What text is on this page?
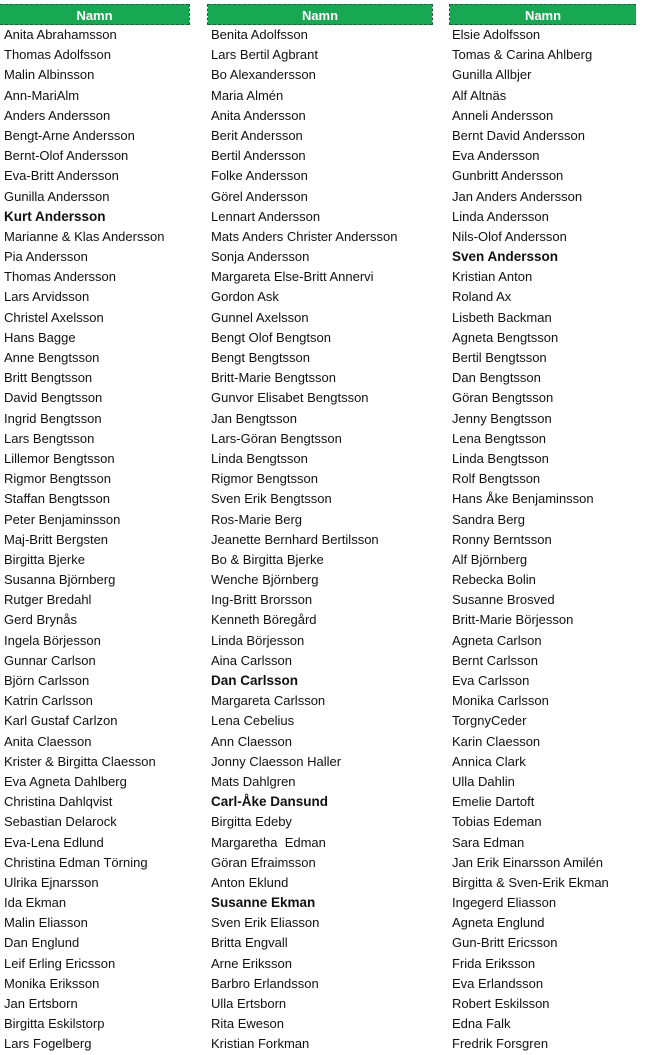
Namn	Namn	Namn
Anita Abrahamsson
Thomas Adolfsson
Malin Albinsson
Ann-MariAlm
Anders Andersson
Bengt-Arne Andersson
Bernt-Olof Andersson
Eva-Britt Andersson
Gunilla Andersson
Kurt Andersson
Marianne & Klas Andersson
Pia Andersson
Thomas Andersson
Lars Arvidsson
Christel Axelsson
Hans Bagge
Anne Bengtsson
Britt Bengtsson
David Bengtsson
Ingrid Bengtsson
Lars Bengtsson
Lillemor Bengtsson
Rigmor Bengtsson
Staffan Bengtsson
Peter Benjaminsson
Maj-Britt Bergsten
Birgitta Bjerke
Susanna Björnberg
Rutger Bredahl
Gerd Brynås
Ingela Börjesson
Gunnar Carlson
Björn Carlsson
Katrin Carlsson
Karl Gustaf Carlzon
Anita Claesson
Krister & Birgitta Claesson
Eva Agneta Dahlberg
Christina Dahlqvist
Sebastian Delarock
Eva-Lena Edlund
Christina Edman Törning
Ulrika Ejnarsson
Ida Ekman
Malin Eliasson
Dan Englund
Leif Erling Ericsson
Monika Eriksson
Jan Ertsborn
Birgitta Eskilstorp
Lars Fogelberg
Benita Adolfsson
Lars Bertil Agbrant
Bo Alexandersson
Maria Almén
Anita Andersson
Berit Andersson
Bertil Andersson
Folke Andersson
Görel Andersson
Lennart Andersson
Mats Anders Christer Andersson
Sonja Andersson
Margareta Else-Britt Annervi
Gordon Ask
Gunnel Axelsson
Bengt Olof Bengtson
Bengt Bengtsson
Britt-Marie Bengtsson
Gunvor Elisabet Bengtsson
Jan Bengtsson
Lars-Göran Bengtsson
Linda Bengtsson
Rigmor Bengtsson
Sven Erik Bengtsson
Ros-Marie Berg
Jeanette Bernhard Bertilsson
Bo & Birgitta Bjerke
Wenche Björnberg
Ing-Britt Brorsson
Kenneth Böregård
Linda Börjesson
Aina Carlsson
Dan Carlsson
Margareta Carlsson
Lena Cebelius
Ann Claesson
Jonny Claesson Haller
Mats Dahlgren
Carl-Åke Dansund
Birgitta Edeby
Margaretha  Edman
Göran Efraimsson
Anton Eklund
Susanne Ekman
Sven Erik Eliasson
Britta Engvall
Arne Eriksson
Barbro Erlandsson
Ulla Ertsborn
Rita Eweson
Kristian Forkman
Elsie Adolfsson
Tomas & Carina Ahlberg
Gunilla Allbjer
Alf Altnäs
Anneli Andersson
Bernt David Andersson
Eva Andersson
Gunbritt Andersson
Jan Anders Andersson
Linda Andersson
Nils-Olof Andersson
Sven Andersson
Kristian Anton
Roland Ax
Lisbeth Backman
Agneta Bengtsson
Bertil Bengtsson
Dan Bengtsson
Göran Bengtsson
Jenny Bengtsson
Lena Bengtsson
Linda Bengtsson
Rolf Bengtsson
Hans Åke Benjaminsson
Sandra Berg
Ronny Berntsson
Alf Björnberg
Rebecka Bolin
Susanne Brosved
Britt-Marie Börjesson
Agneta Carlson
Bernt Carlsson
Eva Carlsson
Monika Carlsson
TorgnyCeder
Karin Claesson
Annica Clark
Ulla Dahlin
Emelie Dartoft
Tobias Edeman
Sara Edman
Jan Erik Einarsson Amilén
Birgitta & Sven-Erik Ekman
Ingegerd Eliasson
Agneta Englund
Gun-Britt Ericsson
Frida Eriksson
Eva Erlandsson
Robert Eskilsson
Edna Falk
Fredrik Forsgren
